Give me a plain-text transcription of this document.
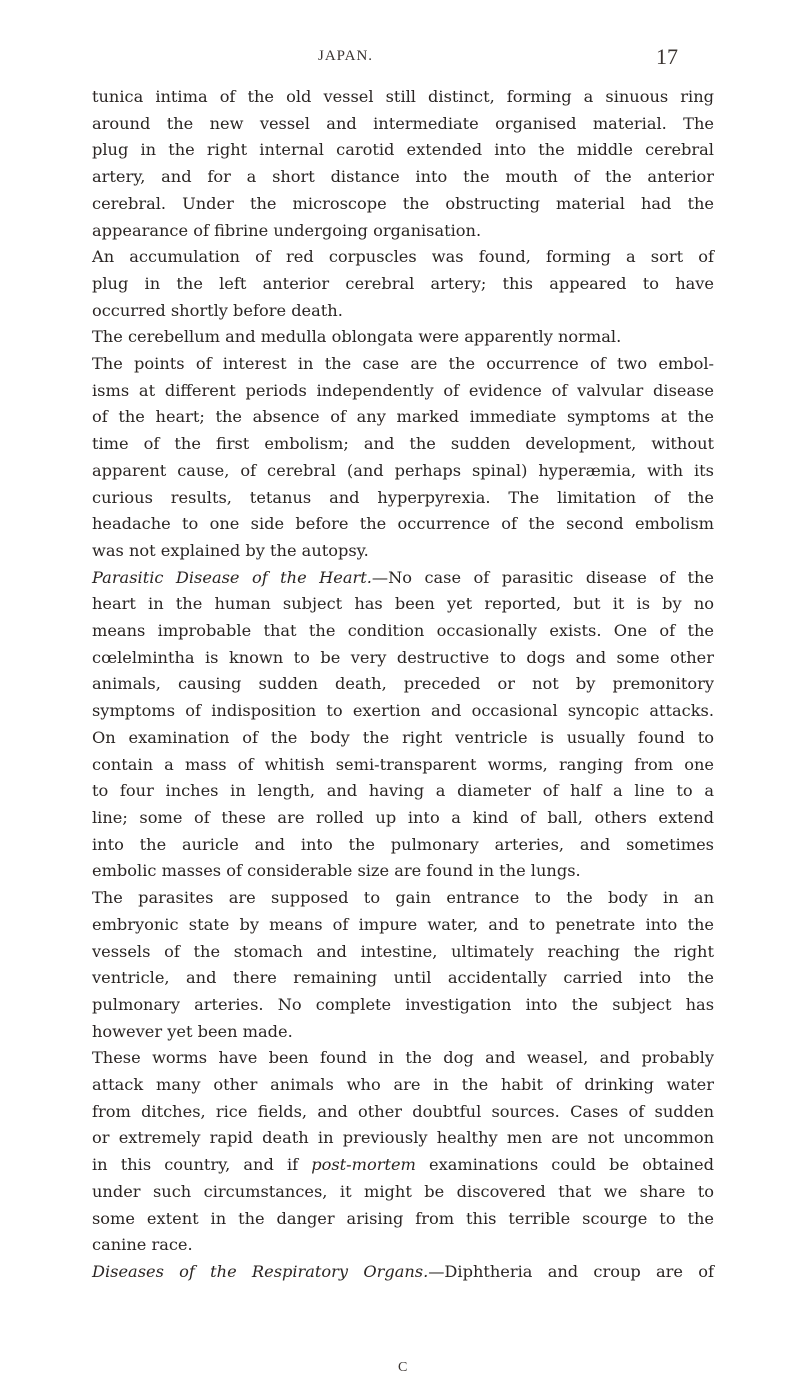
JAPAN.	17
tunica intima of the old vessel still distinct, forming a sinuous ring
around the new vessel and intermediate organised material. The
plug in the right internal carotid extended into the middle cerebral
artery, and for a short distance into the mouth of the anterior
cerebral. Under the microscope the obstructing material had the
appearance of fibrine undergoing organisation.
An accumulation of red corpuscles was found, forming a sort of
plug in the left anterior cerebral artery; this appeared to have
occurred shortly before death.
The cerebellum and medulla oblongata were apparently normal.
The points of interest in the case are the occurrence of two embol-
isms at different periods independently of evidence of valvular disease
of the heart; the absence of any marked immediate symptoms at the
time of the first embolism; and the sudden development, without
apparent cause, of cerebral (and perhaps spinal) hyperæmia, with its
curious results, tetanus and hyperpyrexia. The limitation of the
headache to one side before the occurrence of the second embolism
was not explained by the autopsy.
Parasitic Disease of the Heart.—No case of parasitic disease of the
heart in the human subject has been yet reported, but it is by no
means improbable that the condition occasionally exists. One of the
cœlelmintha is known to be very destructive to dogs and some other
animals, causing sudden death, preceded or not by premonitory
symptoms of indisposition to exertion and occasional syncopic attacks.
On examination of the body the right ventricle is usually found to
contain a mass of whitish semi-transparent worms, ranging from one
to four inches in length, and having a diameter of half a line to a
line; some of these are rolled up into a kind of ball, others extend
into the auricle and into the pulmonary arteries, and sometimes
embolic masses of considerable size are found in the lungs.
The parasites are supposed to gain entrance to the body in an
embryonic state by means of impure water, and to penetrate into the
vessels of the stomach and intestine, ultimately reaching the right
ventricle, and there remaining until accidentally carried into the
pulmonary arteries. No complete investigation into the subject has
however yet been made.
These worms have been found in the dog and weasel, and probably
attack many other animals who are in the habit of drinking water
from ditches, rice fields, and other doubtful sources. Cases of sudden
or extremely rapid death in previously healthy men are not uncommon
in this country, and if post-mortem examinations could be obtained
under such circumstances, it might be discovered that we share to
some extent in the danger arising from this terrible scourge to the
canine race.
Diseases of the Respiratory Organs.—Diphtheria and croup are of
C
